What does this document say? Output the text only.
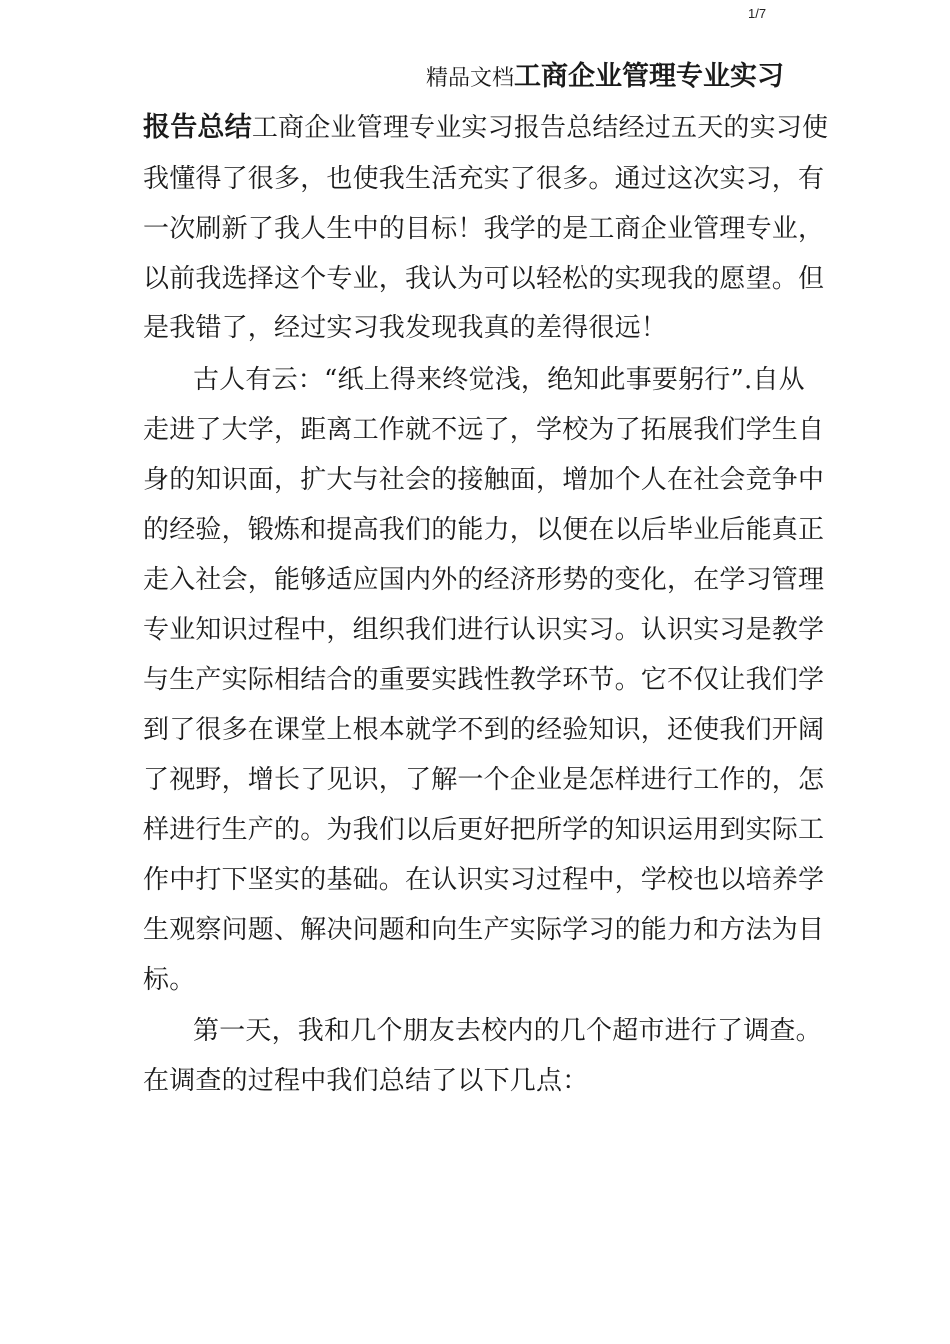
1/7
精品文档工商企业管理专业实习
报告总结工商企业管理专业实习报告总结经过五天的实习使
我懂得了很多，也使我生活充实了很多。通过这次实习，有
一次刷新了我人生中的目标！我学的是工商企业管理专业，
以前我选择这个专业，我认为可以轻松的实现我的愿望。但
是我错了，经过实习我发现我真的差得很远！
古人有云：“纸上得来终觉浅，绝知此事要躬行”.自从
走进了大学，距离工作就不远了，学校为了拓展我们学生自
身的知识面，扩大与社会的接触面，增加个人在社会竞争中
的经验，锻炼和提高我们的能力，以便在以后毕业后能真正
走入社会，能够适应国内外的经济形势的变化，在学习管理
专业知识过程中，组织我们进行认识实习。认识实习是教学
与生产实际相结合的重要实践性教学环节。它不仅让我们学
到了很多在课堂上根本就学不到的经验知识，还使我们开阔
了视野，增长了见识，了解一个企业是怎样进行工作的，怎
样进行生产的。为我们以后更好把所学的知识运用到实际工
作中打下坚实的基础。在认识实习过程中，学校也以培养学
生观察问题、解决问题和向生产实际学习的能力和方法为目
标。
第一天，我和几个朋友去校内的几个超市进行了调查。
在调查的过程中我们总结了以下几点：
